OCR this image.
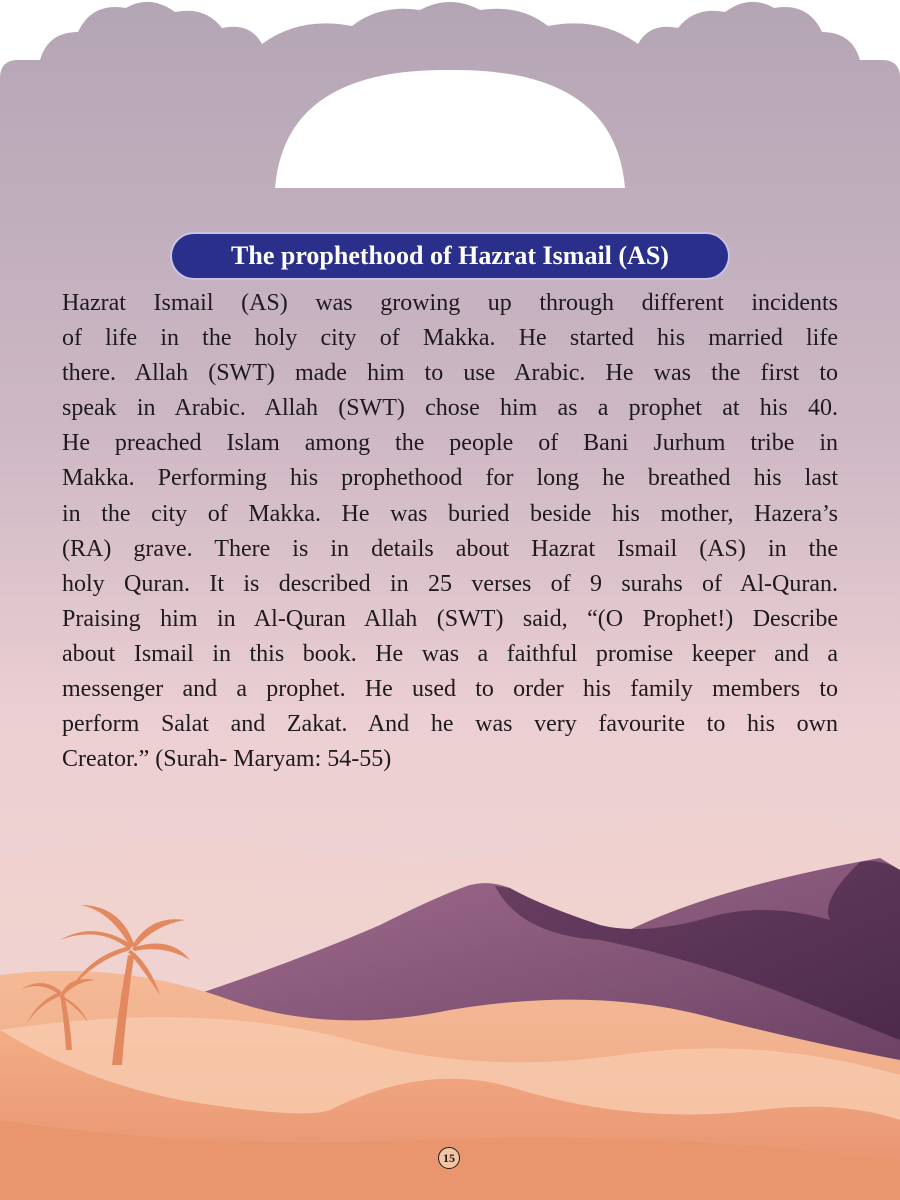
The prophethood of Hazrat Ismail (AS)

Hazrat Ismail (AS) was growing up through different incidents
of life in the holy city of Makka. He started his married life
there. Allah (SWT) made him to use Arabic. He was the first to
speak in Arabic. Allah (SWT) chose him as a prophet at his 40.
He preached Islam among the people of Bani Jurhum tribe in
Makka. Performing his prophethood for long he breathed his last
in the city of Makka. He was buried beside his mother, Hazera’s
(RA) grave. There is in details about Hazrat Ismail (AS) in the
holy Quran. It is described in 25 verses of 9 surahs of Al-Quran.
Praising him in Al-Quran Allah (SWT) said, “(O Prophet!) Describe
about Ismail in this book. He was a faithful promise keeper and a
messenger and a prophet. He used to order his family members to
perform Salat and Zakat. And he was very favourite to his own
Creator.” (Surah- Maryam: 54-55)

15
